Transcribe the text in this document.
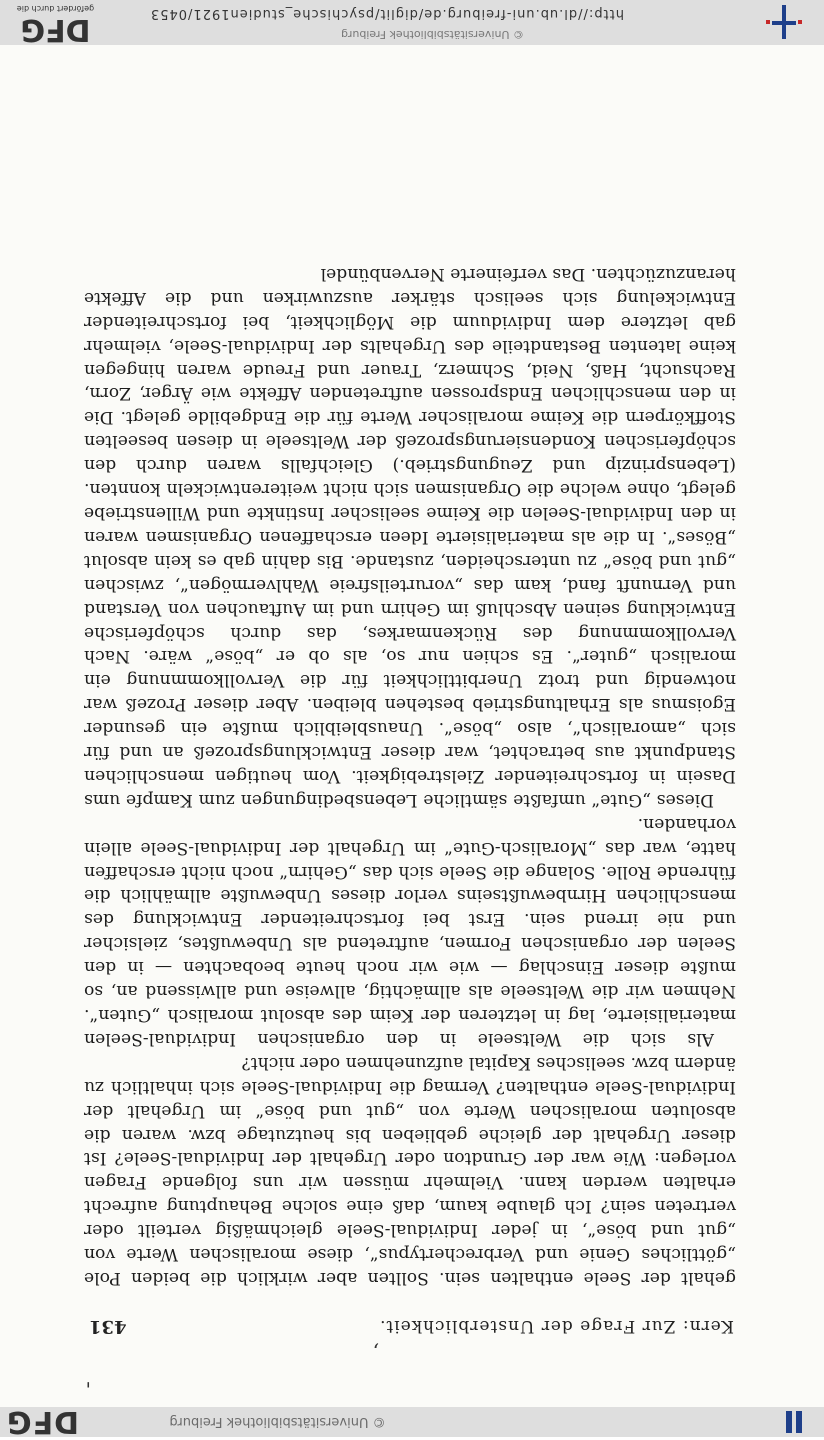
© Universitätsbibliothek Freiburg
DFG
,
'
Kern: Zur Frage der Unsterblichkeit.
431

gehalt der Seele enthalten sein. Sollten aber wirklich die beiden Pole „göttliches Genie und Verbrechertypus“, diese moralischen Werte von „gut und böse“, in jeder Individual-Seele gleichmäßig verteilt oder vertreten sein? Ich glaube kaum, daß eine solche Behauptung aufrecht erhalten werden kann. Vielmehr müssen wir uns folgende Fragen vorlegen: Wie war der Grundton oder Urgehalt der Individual-Seele? Ist dieser Urgehalt der gleiche geblieben bis heutzutage bzw. waren die absoluten moralischen Werte von „gut und böse“ im Urgehalt der Individual-Seele enthalten? Vermag die Individual-Seele sich inhaltlich zu ändern bzw. seelisches Kapital aufzunehmen oder nicht?

Als sich die Weltseele in den organischen Individual-Seelen materialisierte, lag in letzteren der Keim des absolut moralisch „Guten“. Nehmen wir die Weltseele als allmächtig, allweise und allwissend an, so mußte dieser Einschlag — wie wir noch heute beobachten — in den Seelen der organischen Formen, auftretend als Unbewußtes, zielsicher und nie irrend sein. Erst bei fortschreitender Entwicklung des menschlichen Hirnbewußtseins verlor dieses Unbewußte allmählich die führende Rolle. Solange die Seele sich das „Gehirn“ noch nicht erschaffen hatte, war das „Moralisch-Gute“ im Urgehalt der Individual-Seele allein vorhanden.

Dieses „Gute“ umfaßte sämtliche Lebensbedingungen zum Kampfe ums Dasein in fortschreitender Zielstrebigkeit. Vom heutigen menschlichen Standpunkt aus betrachtet, war dieser Entwicklungsprozeß an und für sich „amoralisch“, also „böse“. Unausbleiblich mußte ein gesunder Egoismus als Erhaltungstrieb bestehen bleiben. Aber dieser Prozeß war notwendig und trotz Unerbittlichkeit für die Vervollkommnung ein moralisch „guter“. Es schien nur so, als ob er „böse“ wäre. Nach Vervollkommnung des Rückenmarkes, das durch schöpferische Entwicklung seinen Abschluß im Gehirn und im Auftauchen von Verstand und Vernunft fand, kam das „vorurteilsfreie Wahlvermögen“, zwischen „gut und böse“ zu unterscheiden, zustande. Bis dahin gab es kein absolut „Böses“. In die als materialisierte Ideen erschaffenen Organismen waren in den Individual-Seelen die Keime seelischer Instinkte und Willenstriebe gelegt, ohne welche die Organismen sich nicht weiterentwickeln konnten. (Lebensprinzip und Zeugungstrieb.) Gleichfalls waren durch den schöpferischen Kondensierungsprozeß der Weltseele in diesen beseelten Stoffkörpern die Keime moralischer Werte für die Endgebilde gelegt. Die in den menschlichen Endsprossen auftretenden Affekte wie Ärger, Zorn, Rachsucht, Haß, Neid, Schmerz, Trauer und Freude waren hingegen keine latenten Bestandteile des Urgehalts der Individual-Seele, vielmehr gab letztere dem Individuum die Möglichkeit, bei fortschreitender Entwickelung sich seelisch stärker auszuwirken und die Affekte heranzuzüchten. Das verfeinerte Nervenbündel

© Universitätsbibliothek Freiburg
http://dl.ub.uni-freiburg.de/diglit/psychische_studien1921/0453
DFG
gefördert durch die
